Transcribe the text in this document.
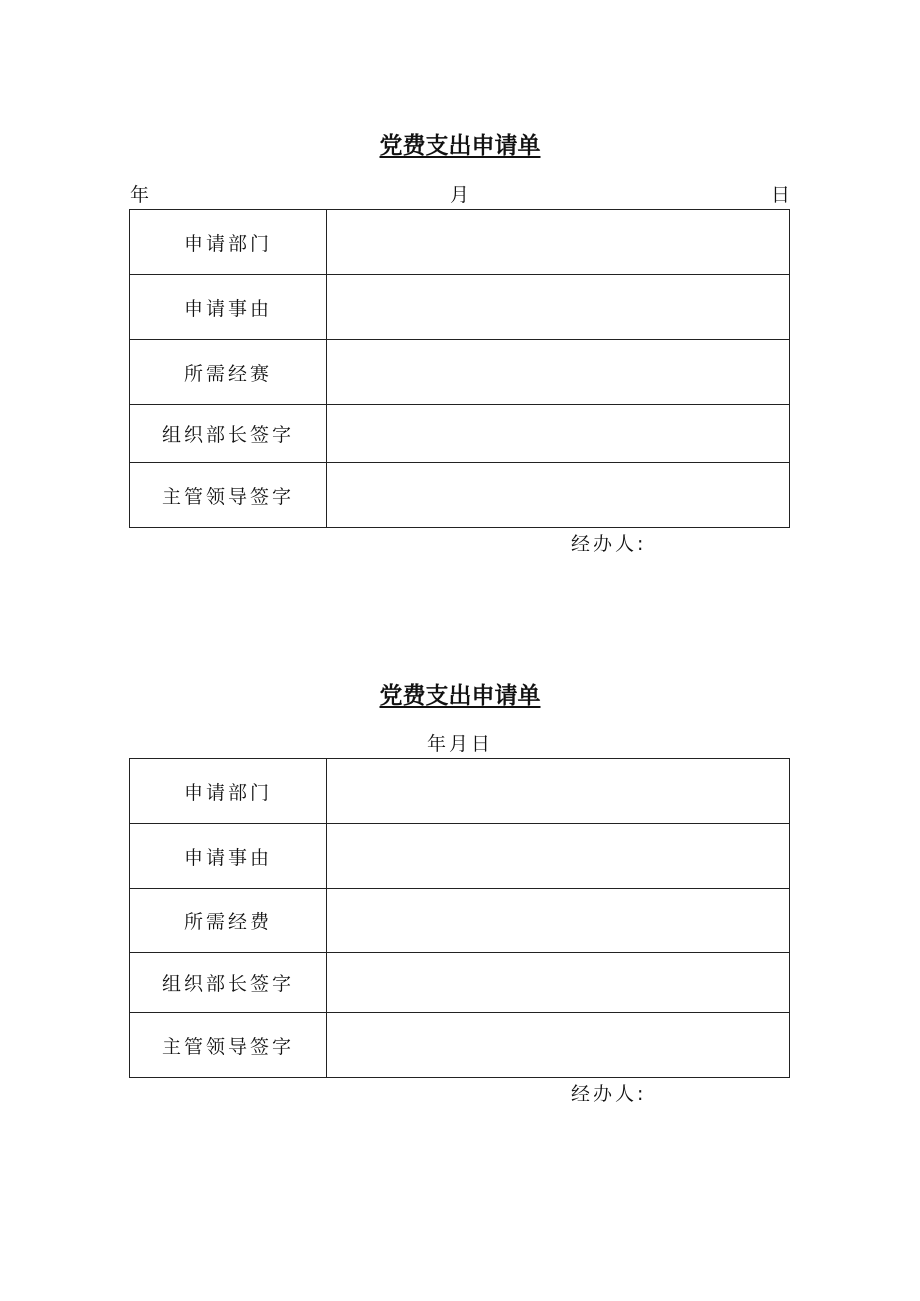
党费支出申请单
年	月	日
申请部门	
申请事由	
所需经赛	
组织部长签字	
主管领导签字	
经办人:
党费支出申请单
年月日
申请部门	
申请事由	
所需经费	
组织部长签字	
主管领导签字	
经办人:
